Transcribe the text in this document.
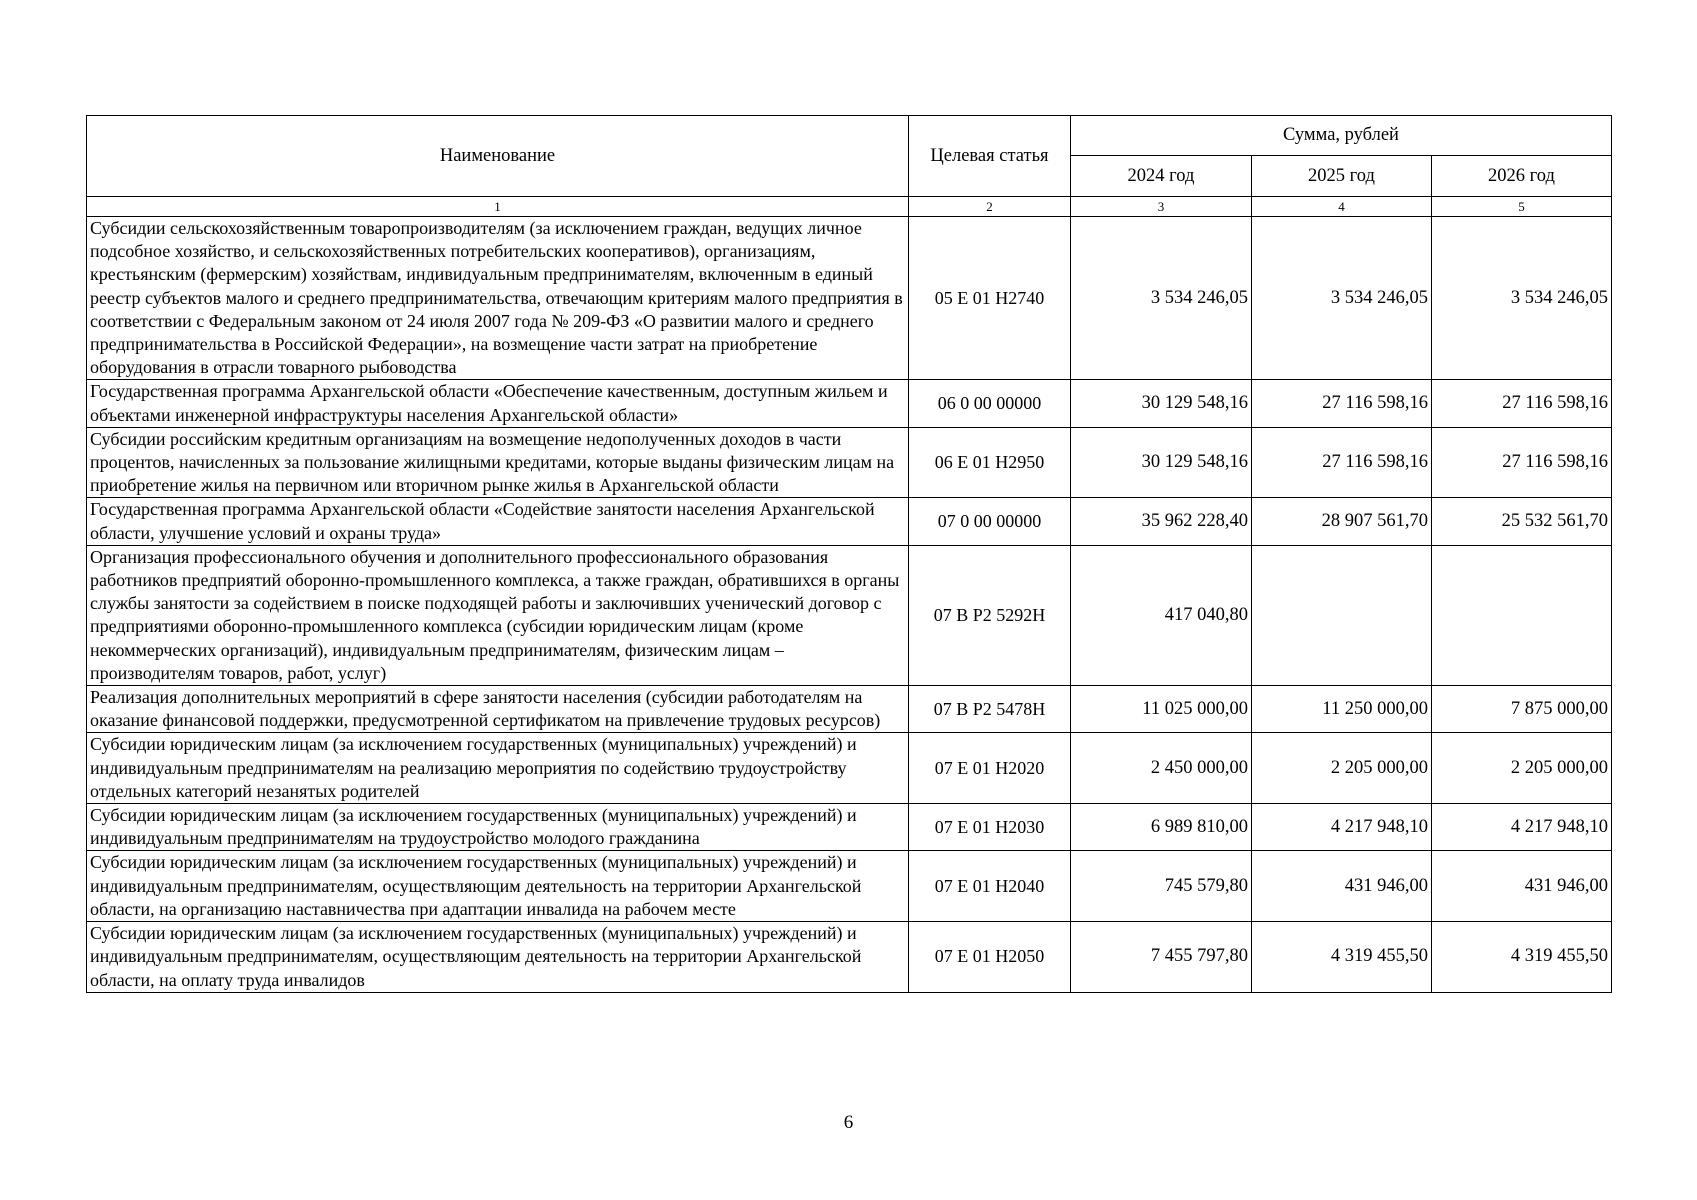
Наименование	Целевая статья	Сумма, рублей		
		2024 год	2025 год	2026 год
1	2	3	4	5
Субсидии сельскохозяйственным товаропроизводителям (за исключением граждан, ведущих личное подсобное хозяйство, и сельскохозяйственных потребительских кооперативов), организациям, крестьянским (фермерским) хозяйствам, индивидуальным предпринимателям, включенным в единый реестр субъектов малого и среднего предпринимательства, отвечающим критериям малого предприятия в соответствии с Федеральным законом от 24 июля 2007 года № 209-ФЗ «О развитии малого и среднего предпринимательства в Российской Федерации», на возмещение части затрат на приобретение оборудования в отрасли товарного рыбоводства	05 Е 01 Н2740	3 534 246,05	3 534 246,05	3 534 246,05
Государственная программа Архангельской области «Обеспечение качественным, доступным жильем и объектами инженерной инфраструктуры населения Архангельской области»	06 0 00 00000	30 129 548,16	27 116 598,16	27 116 598,16
Субсидии российским кредитным организациям на возмещение недополученных доходов в части процентов, начисленных за пользование жилищными кредитами, которые выданы физическим лицам на приобретение жилья на первичном или вторичном рынке жилья в Архангельской области	06 Е 01 Н2950	30 129 548,16	27 116 598,16	27 116 598,16
Государственная программа Архангельской области «Содействие занятости населения Архангельской области, улучшение условий и охраны труда»	07 0 00 00000	35 962 228,40	28 907 561,70	25 532 561,70
Организация профессионального обучения и дополнительного профессионального образования работников предприятий оборонно-промышленного комплекса, а также граждан, обратившихся в органы службы занятости за содействием в поиске подходящей работы и заключивших ученический договор с предприятиями оборонно-промышленного комплекса (субсидии юридическим лицам (кроме некоммерческих организаций), индивидуальным предпринимателям, физическим лицам – производителям товаров, работ, услуг)	07 В Р2 5292Н	417 040,80		
Реализация дополнительных мероприятий в сфере занятости населения (субсидии работодателям на оказание финансовой поддержки, предусмотренной сертификатом на привлечение трудовых ресурсов)	07 В Р2 5478Н	11 025 000,00	11 250 000,00	7 875 000,00
Субсидии юридическим лицам (за исключением государственных (муниципальных) учреждений) и индивидуальным предпринимателям на реализацию мероприятия по содействию трудоустройству отдельных категорий незанятых родителей	07 Е 01 Н2020	2 450 000,00	2 205 000,00	2 205 000,00
Субсидии юридическим лицам (за исключением государственных (муниципальных) учреждений) и индивидуальным предпринимателям на трудоустройство молодого гражданина	07 Е 01 Н2030	6 989 810,00	4 217 948,10	4 217 948,10
Субсидии юридическим лицам (за исключением государственных (муниципальных) учреждений) и индивидуальным предпринимателям, осуществляющим деятельность на территории Архангельской области, на организацию наставничества при адаптации инвалида на рабочем месте	07 Е 01 Н2040	745 579,80	431 946,00	431 946,00
Субсидии юридическим лицам (за исключением государственных (муниципальных) учреждений) и индивидуальным предпринимателям, осуществляющим деятельность на территории Архангельской области, на оплату труда инвалидов	07 Е 01 Н2050	7 455 797,80	4 319 455,50	4 319 455,50
6
